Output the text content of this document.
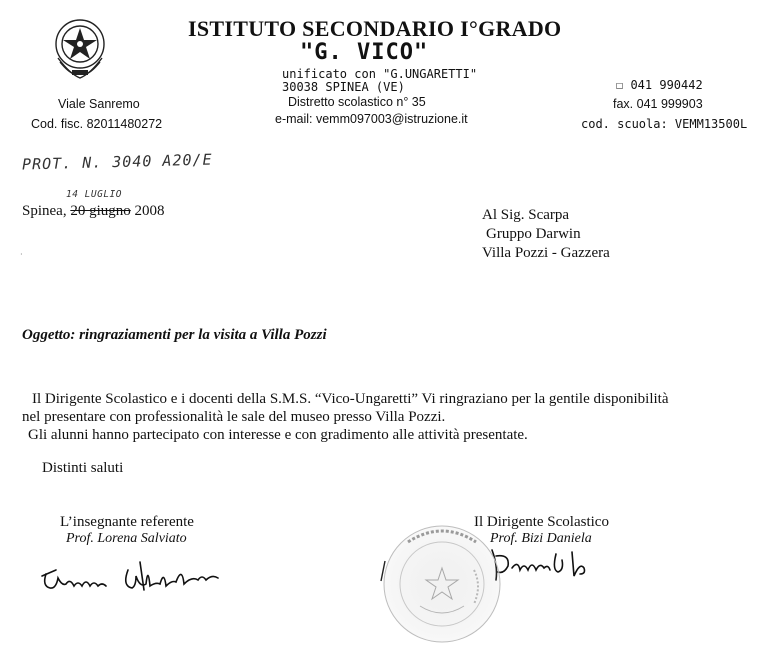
ISTITUTO SECONDARIO I°GRADO
"G. VICO"
unificato con "G.UNGARETTI"
30038 SPINEA (VE)
Distretto scolastico n° 35
e-mail: vemm097003@istruzione.it
Viale Sanremo
Cod. fisc. 82011480272
☐ 041 990442
fax. 041 999903
cod. scuola: VEMM13500L
PROT. N. 3040 A20/E
14 LUGLIO
Spinea, 20 giugno 2008	Al Sig. Scarpa
Gruppo Darwin
Villa Pozzi - Gazzera
·
Oggetto: ringraziamenti per la visita a Villa Pozzi
Il Dirigente Scolastico e i docenti della S.M.S. “Vico-Ungaretti” Vi ringraziano per la gentile disponibilità
nel presentare con professionalità le sale del museo presso Villa Pozzi.
Gli alunni hanno partecipato con interesse e con gradimento alle attività presentate.
Distinti saluti
L’insegnante referente
Prof. Lorena Salviato
Il Dirigente Scolastico
Prof. Bizi Daniela
